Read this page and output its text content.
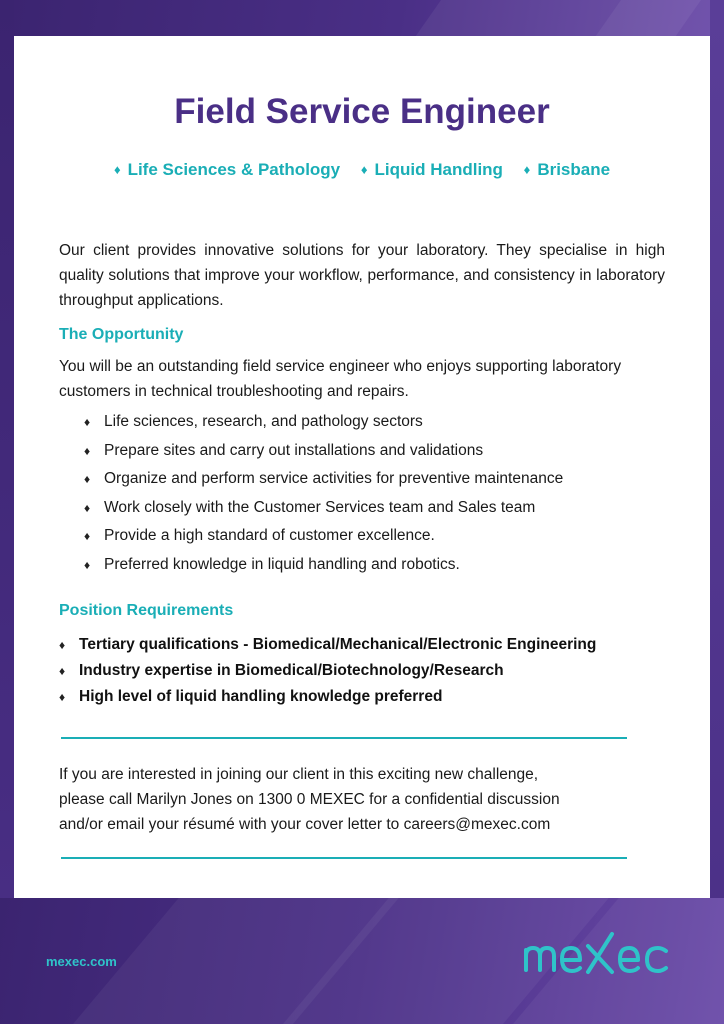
Field Service Engineer
♦ Life Sciences & Pathology ♦ Liquid Handling ♦ Brisbane

Our client provides innovative solutions for your laboratory. They specialise in high quality solutions that improve your workflow, performance, and consistency in laboratory throughput applications.

The Opportunity

You will be an outstanding field service engineer who enjoys supporting laboratory customers in technical troubleshooting and repairs.

♦ Life sciences, research, and pathology sectors
♦ Prepare sites and carry out installations and validations
♦ Organize and perform service activities for preventive maintenance
♦ Work closely with the Customer Services team and Sales team
♦ Provide a high standard of customer excellence.
♦ Preferred knowledge in liquid handling and robotics.
Position Requirements
♦ Tertiary qualifications - Biomedical/Mechanical/Electronic Engineering
♦ Industry expertise in Biomedical/Biotechnology/Research
♦ High level of liquid handling knowledge preferred

If you are interested in joining our client in this exciting new challenge,
please call Marilyn Jones on 1300 0 MEXEC for a confidential discussion
and/or email your résumé with your cover letter to careers@mexec.com

mexec.com
